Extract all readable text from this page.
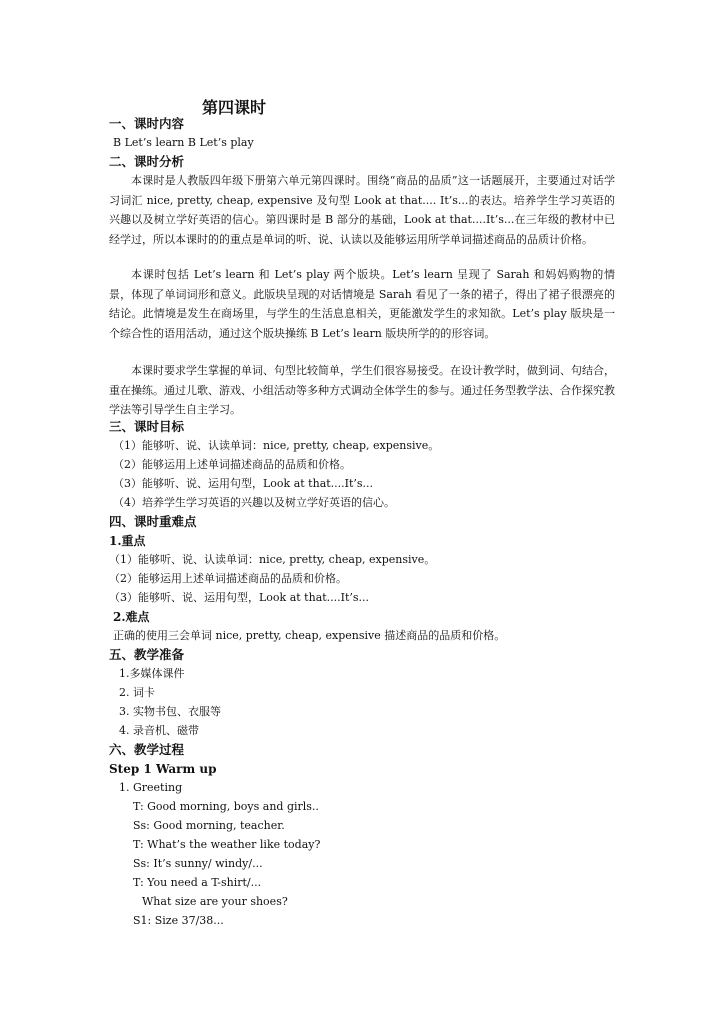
第四课时
一、课时内容
B Let’s learn B Let’s play
二、课时分析
本课时是人教版四年级下册第六单元第四课时。围绕“商品的品质”这一话题展开，主要通过对话学习词汇 nice, pretty, cheap, expensive 及句型 Look at that.... It’s...的表达。培养学生学习英语的兴趣以及树立学好英语的信心。第四课时是 B 部分的基础，Look at that....It’s...在三年级的教材中已经学过，所以本课时的的重点是单词的听、说、认读以及能够运用所学单词描述商品的品质计价格。
本课时包括 Let’s learn 和 Let’s play 两个版块。Let’s learn 呈现了 Sarah 和妈妈购物的情景，体现了单词词形和意义。此版块呈现的对话情境是 Sarah 看见了一条的裙子，得出了裙子很漂亮的结论。此情境是发生在商场里，与学生的生活息息相关，更能激发学生的求知欲。Let’s play 版块是一个综合性的语用活动，通过这个版块操练 B Let’s learn 版块所学的的形容词。
本课时要求学生掌握的单词、句型比较简单，学生们很容易接受。在设计教学时，做到词、句结合，重在操练。通过儿歌、游戏、小组活动等多种方式调动全体学生的参与。通过任务型教学法、合作探究教学法等引导学生自主学习。
三、课时目标
（1）能够听、说、认读单词：nice, pretty, cheap, expensive。
（2）能够运用上述单词描述商品的品质和价格。
（3）能够听、说、运用句型，Look at that....It’s...
（4）培养学生学习英语的兴趣以及树立学好英语的信心。
四、课时重难点
1.重点
（1）能够听、说、认读单词：nice, pretty, cheap, expensive。
（2）能够运用上述单词描述商品的品质和价格。
（3）能够听、说、运用句型，Look at that....It’s...
2.难点
正确的使用三会单词 nice, pretty, cheap, expensive 描述商品的品质和价格。
五、教学准备
1.多媒体课件
2. 词卡
3. 实物书包、衣服等
4. 录音机、磁带
六、教学过程
Step 1 Warm up
1. Greeting
T: Good morning, boys and girls..
Ss: Good morning, teacher.
T: What’s the weather like today?
Ss: It’s sunny/ windy/...
T: You need a T-shirt/...
What size are your shoes?
S1: Size 37/38...
